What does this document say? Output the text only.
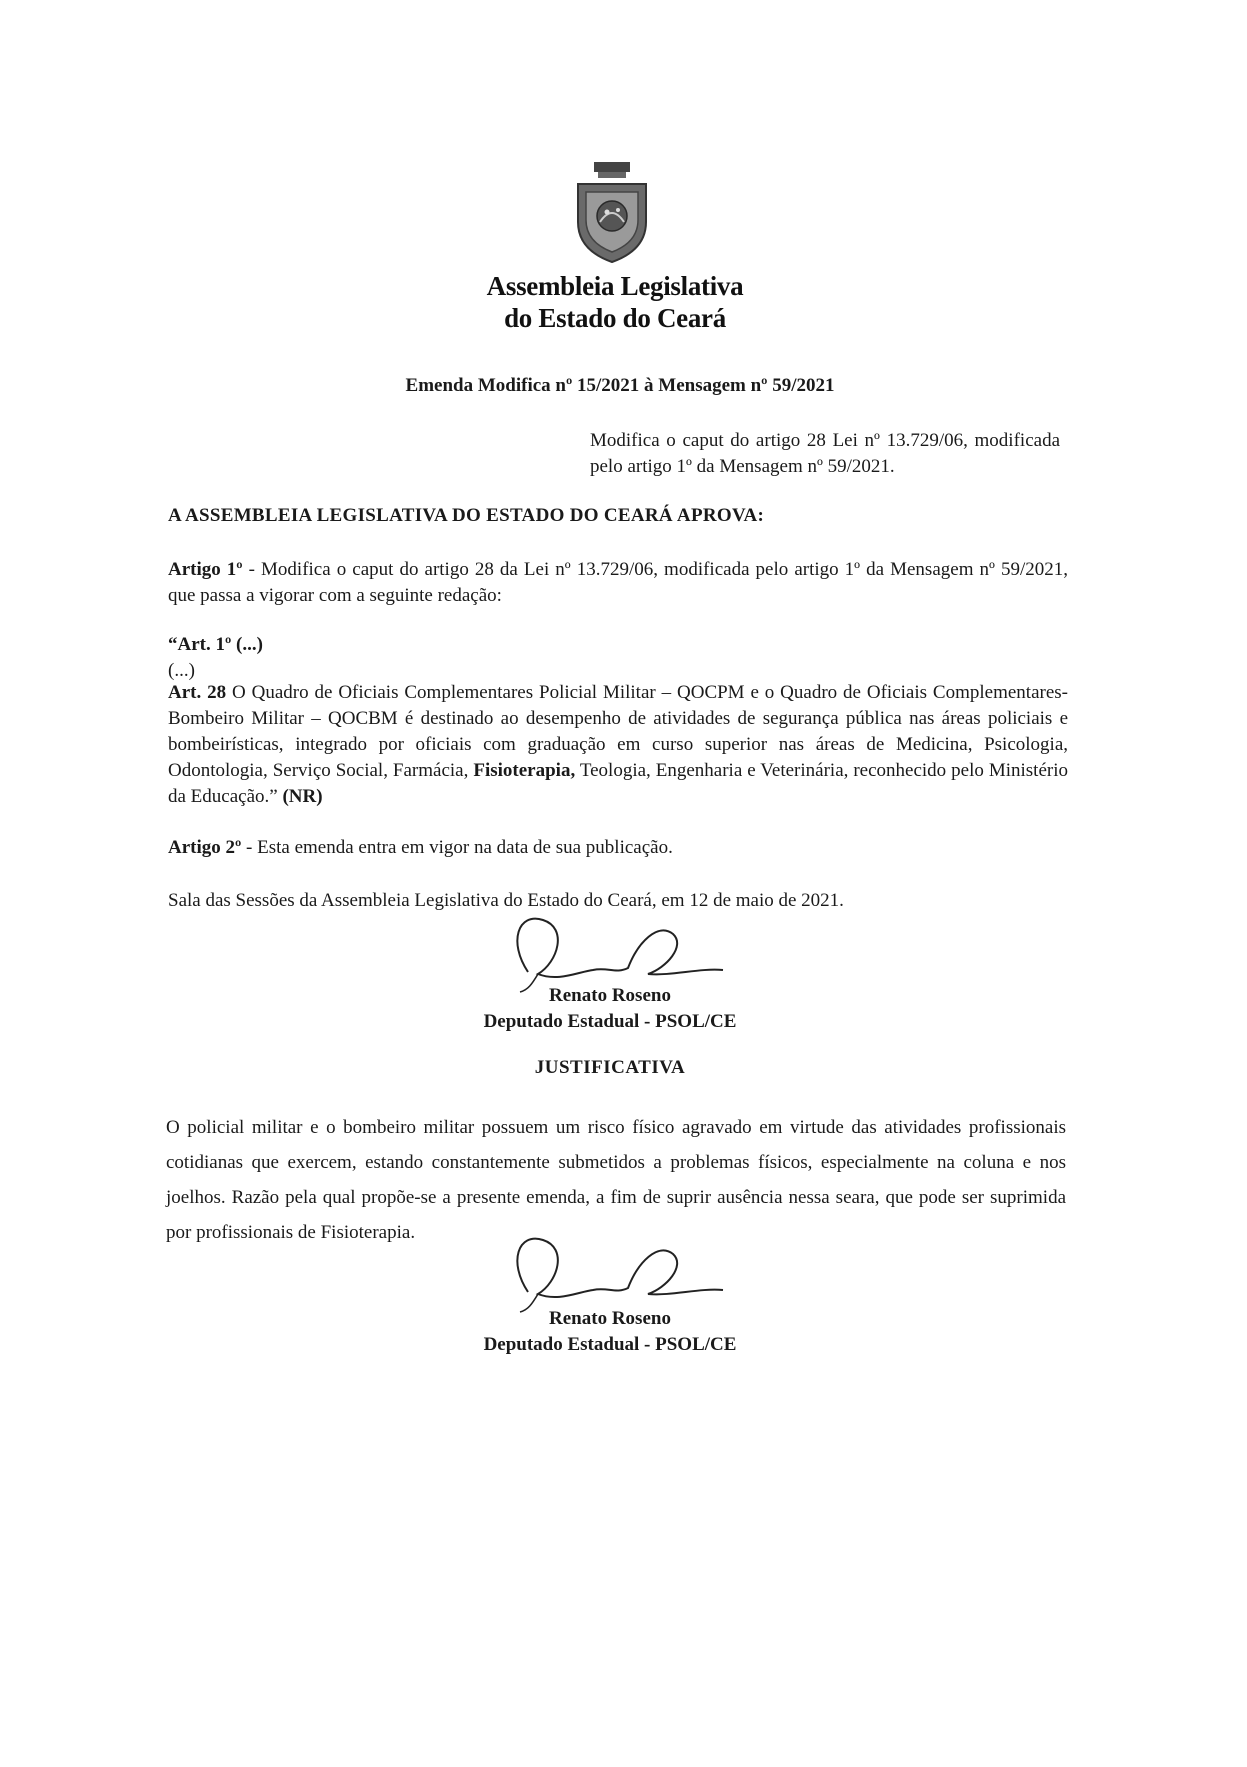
Assembleia Legislativa
do Estado do Ceará
Emenda Modifica nº 15/2021 à Mensagem nº 59/2021
Modifica o caput do artigo 28 Lei nº 13.729/06, modificada pelo artigo 1º da Mensagem nº 59/2021.
A ASSEMBLEIA LEGISLATIVA DO ESTADO DO CEARÁ APROVA:
Artigo 1º - Modifica o caput do artigo 28 da Lei nº 13.729/06, modificada pelo artigo 1º da Mensagem nº 59/2021, que passa a vigorar com a seguinte redação:
“Art. 1º (...)
(...)
Art. 28 O Quadro de Oficiais Complementares Policial Militar – QOCPM e o Quadro de Oficiais Complementares-Bombeiro Militar – QOCBM é destinado ao desempenho de atividades de segurança pública nas áreas policiais e bombeirísticas, integrado por oficiais com graduação em curso superior nas áreas de Medicina, Psicologia, Odontologia, Serviço Social, Farmácia, Fisioterapia, Teologia, Engenharia e Veterinária, reconhecido pelo Ministério da Educação.” (NR)
Artigo 2º - Esta emenda entra em vigor na data de sua publicação.
Sala das Sessões da Assembleia Legislativa do Estado do Ceará, em 12 de maio de 2021.
Renato Roseno
Deputado Estadual - PSOL/CE
JUSTIFICATIVA
O policial militar e o bombeiro militar possuem um risco físico agravado em virtude das atividades profissionais cotidianas que exercem, estando constantemente submetidos a problemas físicos, especialmente na coluna e nos joelhos. Razão pela qual propõe-se a presente emenda, a fim de suprir ausência nessa seara, que pode ser suprimida por profissionais de Fisioterapia.
Renato Roseno
Deputado Estadual - PSOL/CE
